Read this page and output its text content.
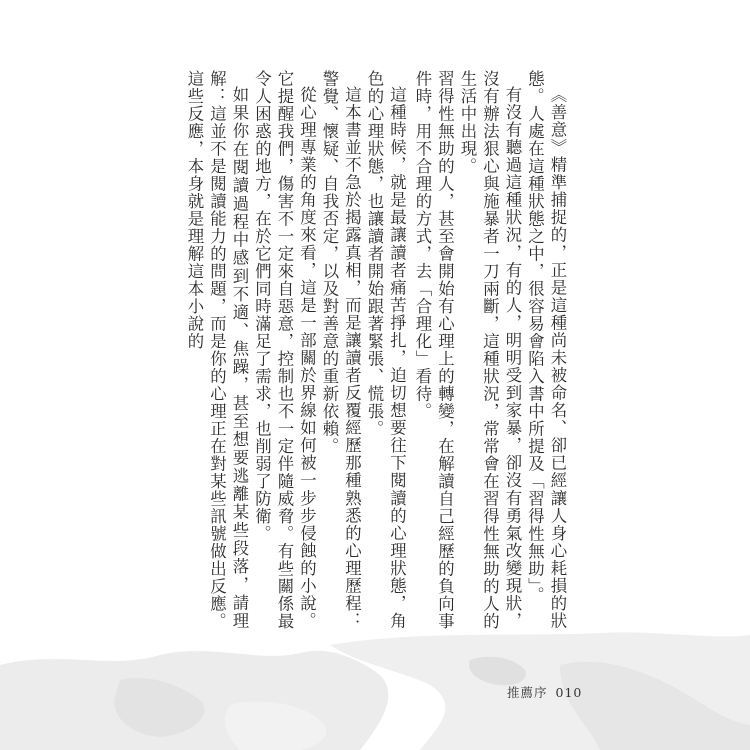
《善意》精準捕捉的，正是這種尚未被命名、卻已經讓人身心耗損的狀態。人處在這種狀態之中，很容易會陷入書中所提及「習得性無助」。

有沒有聽過這種狀況，有的人，明明受到家暴，卻沒有勇氣改變現狀，沒有辦法狠心與施暴者一刀兩斷，這種狀況，常常會在習得性無助的人的生活中出現。

習得性無助的人，甚至會開始有心理上的轉變，在解讀自己經歷的負向事件時，用不合理的方式，去「合理化」看待。

這種時候，就是最讓讀者痛苦掙扎，迫切想要往下閱讀的心理狀態，角色的心理狀態，也讓讀者開始跟著緊張、慌張。

這本書並不急於揭露真相，而是讓讀者反覆經歷那種熟悉的心理歷程：警覺、懷疑、自我否定，以及對善意的重新依賴。

從心理專業的角度來看，這是一部關於界線如何被一步步侵蝕的小說。它提醒我們，傷害不一定來自惡意，控制也不一定伴隨威脅。有些關係最令人困惑的地方，在於它們同時滿足了需求，也削弱了防衛。

如果你在閱讀過程中感到不適、焦躁，甚至想要逃離某些段落，請理解：這並不是閱讀能力的問題，而是你的心理正在對某些訊號做出反應。這些反應，本身就是理解這本小說的

推薦序 010
